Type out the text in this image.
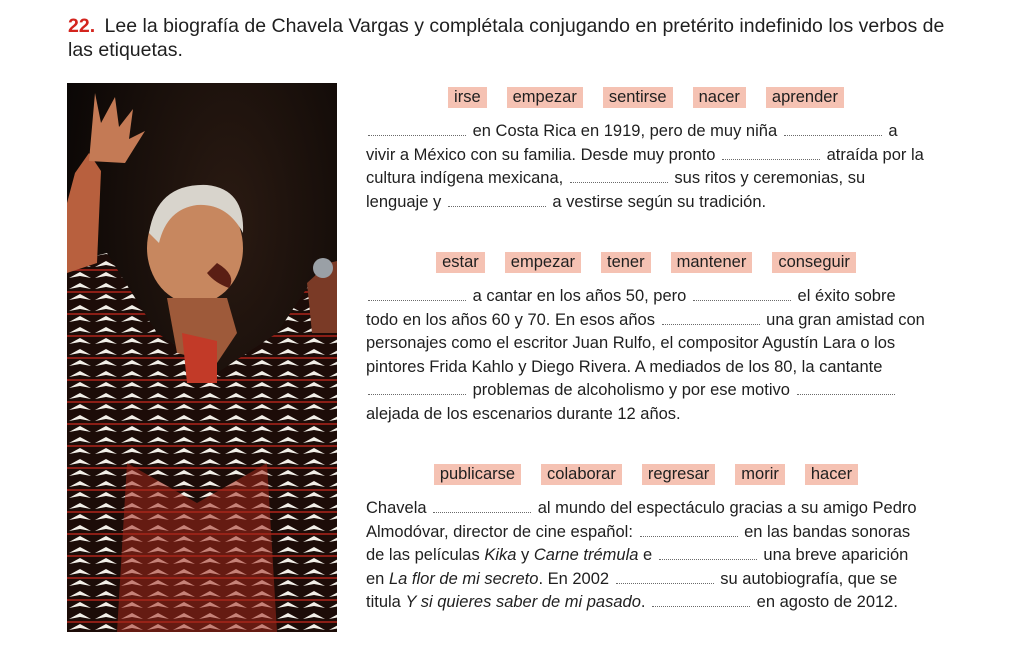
22. Lee la biografía de Chavela Vargas y complétala conjugando en pretérito indefinido los verbos de las etiquetas.
irse	empezar	sentirse	nacer	aprender
en Costa Rica en 1919, pero de muy niña	a vivir a México con su familia. Desde muy pronto	atraída por la cultura indígena mexicana,	sus ritos y ceremonias, su lenguaje y	a vestirse según su tradición.
estar	empezar	tener	mantener	conseguir
a cantar en los años 50, pero	el éxito sobre todo en los años 60 y 70. En esos años	una gran amistad con personajes como el escritor Juan Rulfo, el compositor Agustín Lara o los pintores Frida Kahlo y Diego Rivera. A mediados de los 80, la cantante  problemas de alcoholismo y por ese motivo  alejada de los escenarios durante 12 años.
publicarse	colaborar	regresar	morir	hacer
Chavela	al mundo del espectáculo gracias a su amigo Pedro Almodóvar, director de cine español:	en las bandas sonoras de las películas Kika y Carne trémula e	una breve aparición en La flor de mi secreto. En 2002	su autobiografía, que se titula Y si quieres saber de mi pasado.	en agosto de 2012.
